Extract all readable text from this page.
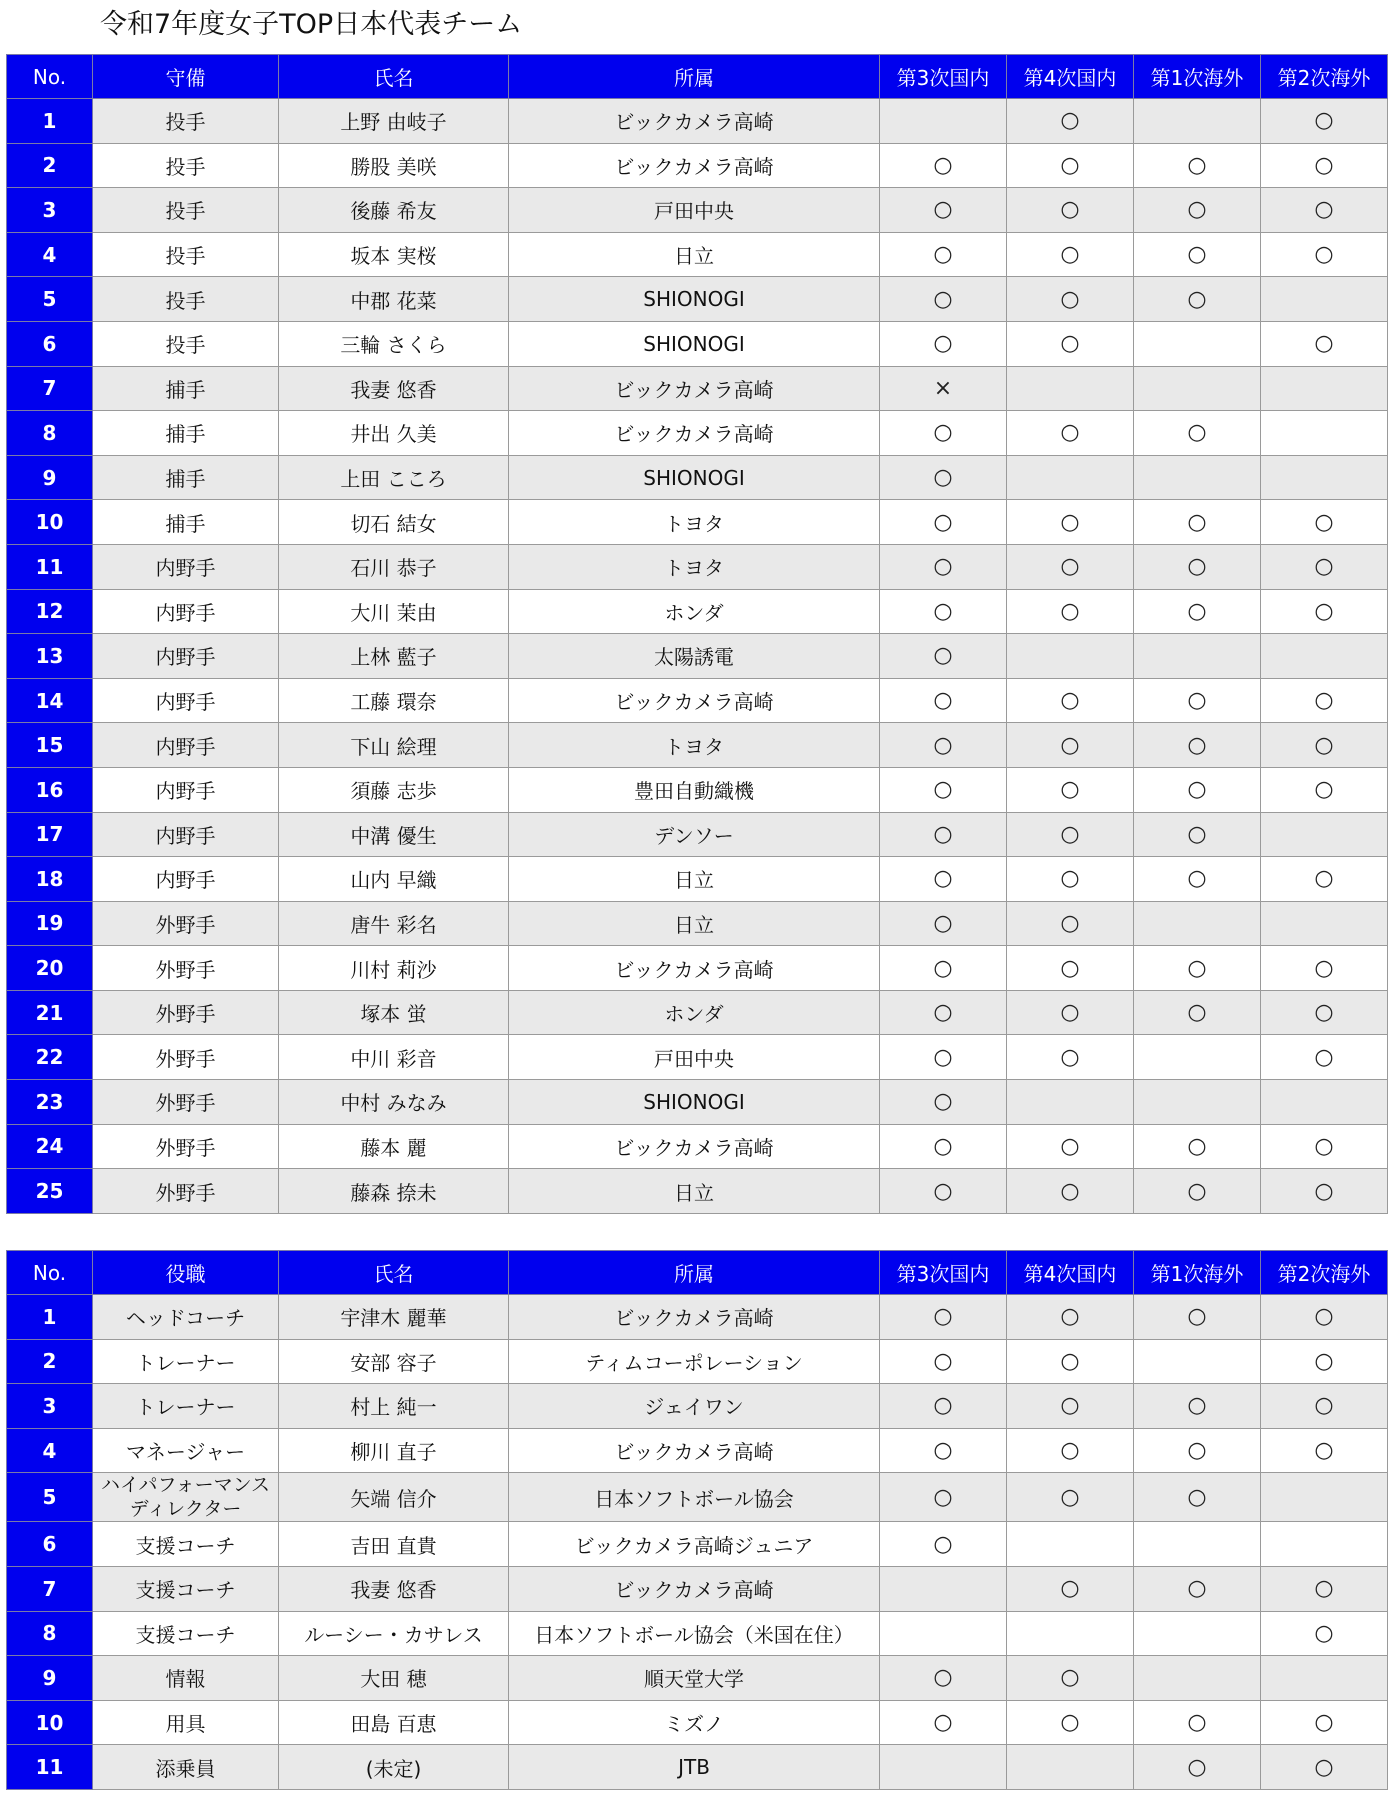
令和7年度女子TOP日本代表チーム
No.	守備	氏名	所属	第3次国内	第4次国内	第1次海外	第2次海外
1	投手	上野 由岐子	ビックカメラ高崎		○		○
2	投手	勝股 美咲	ビックカメラ高崎	○	○	○	○
3	投手	後藤 希友	戸田中央	○	○	○	○
4	投手	坂本 実桜	日立	○	○	○	○
5	投手	中郡 花菜	SHIONOGI	○	○	○	
6	投手	三輪 さくら	SHIONOGI	○	○		○
7	捕手	我妻 悠香	ビックカメラ高崎	×			
8	捕手	井出 久美	ビックカメラ高崎	○	○	○	
9	捕手	上田 こころ	SHIONOGI	○			
10	捕手	切石 結女	トヨタ	○	○	○	○
11	内野手	石川 恭子	トヨタ	○	○	○	○
12	内野手	大川 茉由	ホンダ	○	○	○	○
13	内野手	上林 藍子	太陽誘電	○			
14	内野手	工藤 環奈	ビックカメラ高崎	○	○	○	○
15	内野手	下山 絵理	トヨタ	○	○	○	○
16	内野手	須藤 志歩	豊田自動織機	○	○	○	○
17	内野手	中溝 優生	デンソー	○	○	○	
18	内野手	山内 早織	日立	○	○	○	○
19	外野手	唐牛 彩名	日立	○	○		
20	外野手	川村 莉沙	ビックカメラ高崎	○	○	○	○
21	外野手	塚本 蛍	ホンダ	○	○	○	○
22	外野手	中川 彩音	戸田中央	○	○		○
23	外野手	中村 みなみ	SHIONOGI	○			
24	外野手	藤本 麗	ビックカメラ高崎	○	○	○	○
25	外野手	藤森 捺未	日立	○	○	○	○
No.	役職	氏名	所属	第3次国内	第4次国内	第1次海外	第2次海外
1	ヘッドコーチ	宇津木 麗華	ビックカメラ高崎	○	○	○	○
2	トレーナー	安部 容子	ティムコーポレーション	○	○		○
3	トレーナー	村上 純一	ジェイワン	○	○	○	○
4	マネージャー	柳川 直子	ビックカメラ高崎	○	○	○	○
5	ハイパフォーマンス
ディレクター	矢端 信介	日本ソフトボール協会	○	○	○	
6	支援コーチ	吉田 直貴	ビックカメラ高崎ジュニア	○			
7	支援コーチ	我妻 悠香	ビックカメラ高崎		○	○	○
8	支援コーチ	ルーシー・カサレス	日本ソフトボール協会（米国在住）				○
9	情報	大田 穂	順天堂大学	○	○		
10	用具	田島 百恵	ミズノ	○	○	○	○
11	添乗員	(未定)	JTB			○	○
